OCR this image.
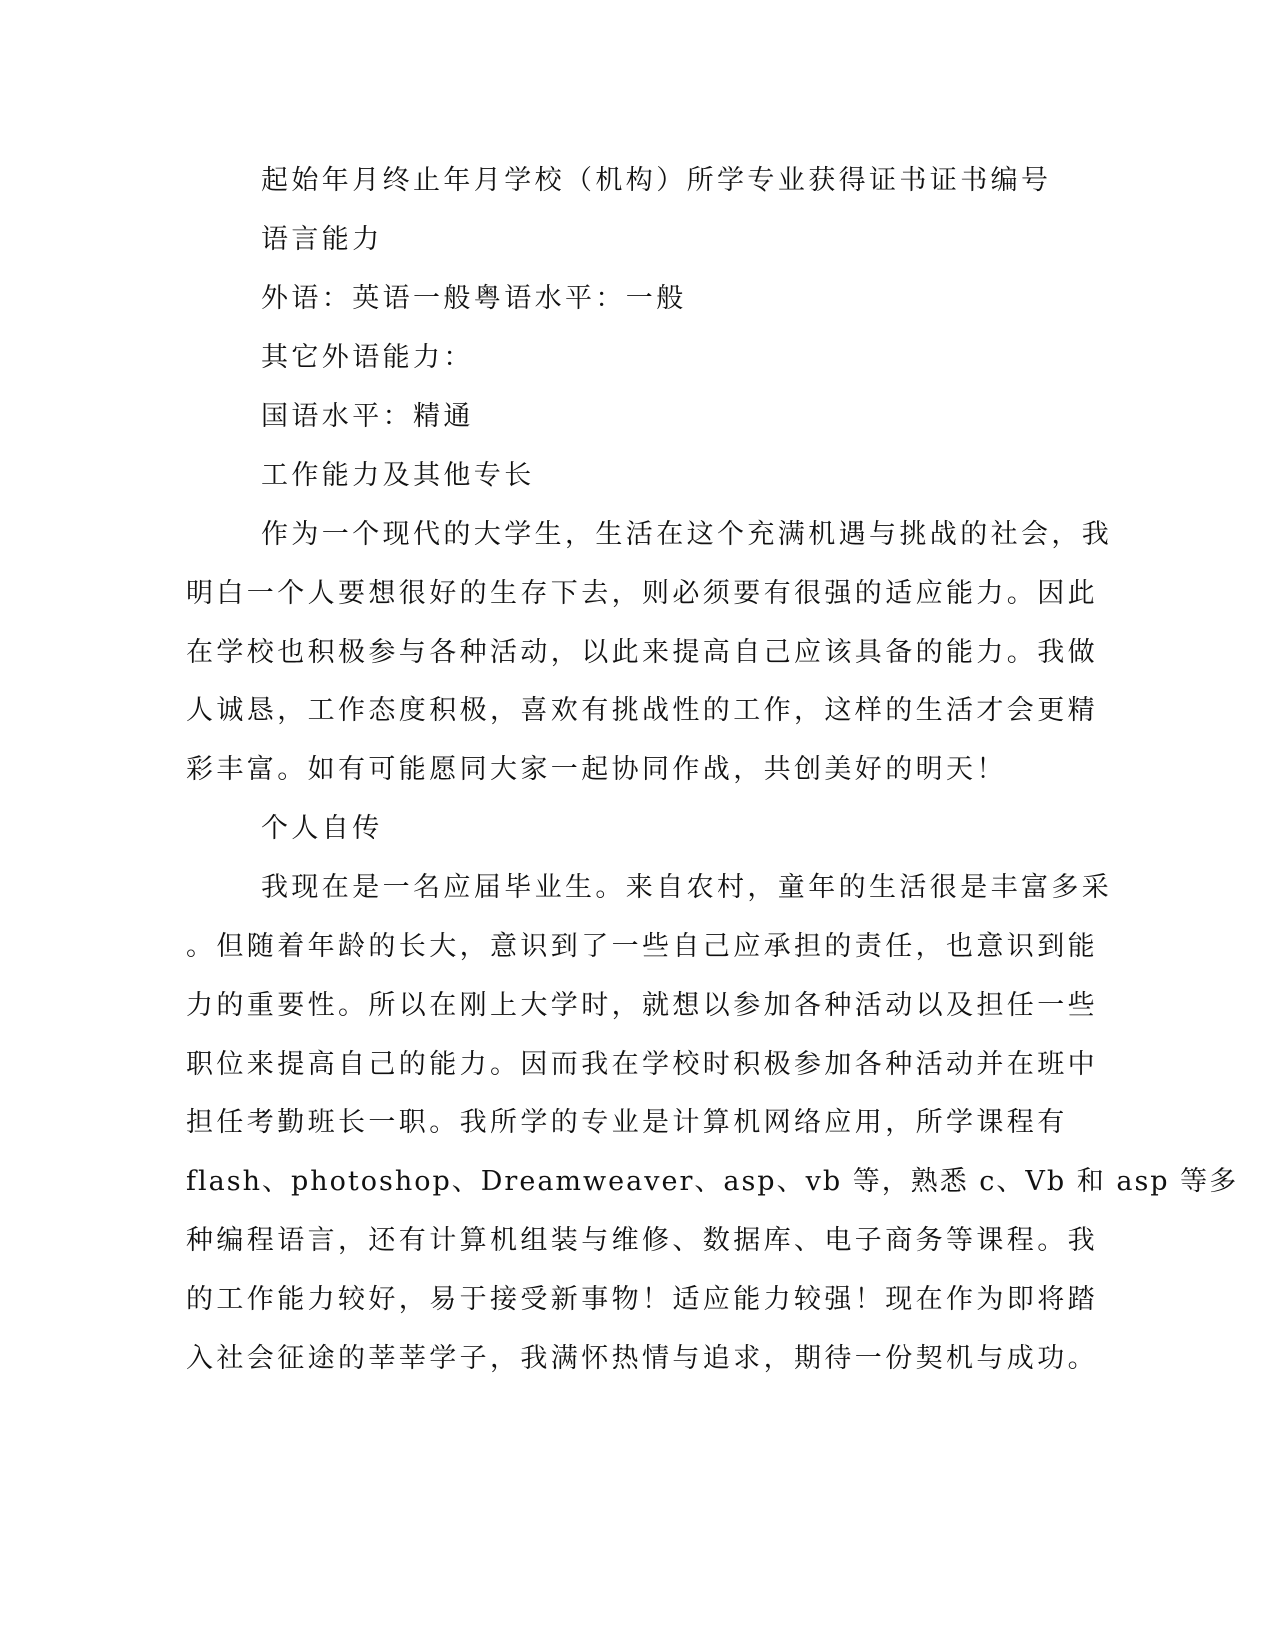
起始年月终止年月学校（机构）所学专业获得证书证书编号
语言能力
外语：英语一般粤语水平：一般
其它外语能力：
国语水平：精通
工作能力及其他专长
作为一个现代的大学生，生活在这个充满机遇与挑战的社会，我
明白一个人要想很好的生存下去，则必须要有很强的适应能力。因此
在学校也积极参与各种活动，以此来提高自己应该具备的能力。我做
人诚恳，工作态度积极，喜欢有挑战性的工作，这样的生活才会更精
彩丰富。如有可能愿同大家一起协同作战，共创美好的明天！
个人自传
我现在是一名应届毕业生。来自农村，童年的生活很是丰富多采
。但随着年龄的长大，意识到了一些自己应承担的责任，也意识到能
力的重要性。所以在刚上大学时，就想以参加各种活动以及担任一些
职位来提高自己的能力。因而我在学校时积极参加各种活动并在班中
担任考勤班长一职。我所学的专业是计算机网络应用，所学课程有
flash、photoshop、Dreamweaver、asp、vb 等，熟悉 c、Vb 和 asp 等多
种编程语言，还有计算机组装与维修、数据库、电子商务等课程。我
的工作能力较好，易于接受新事物！适应能力较强！现在作为即将踏
入社会征途的莘莘学子，我满怀热情与追求，期待一份契机与成功。
